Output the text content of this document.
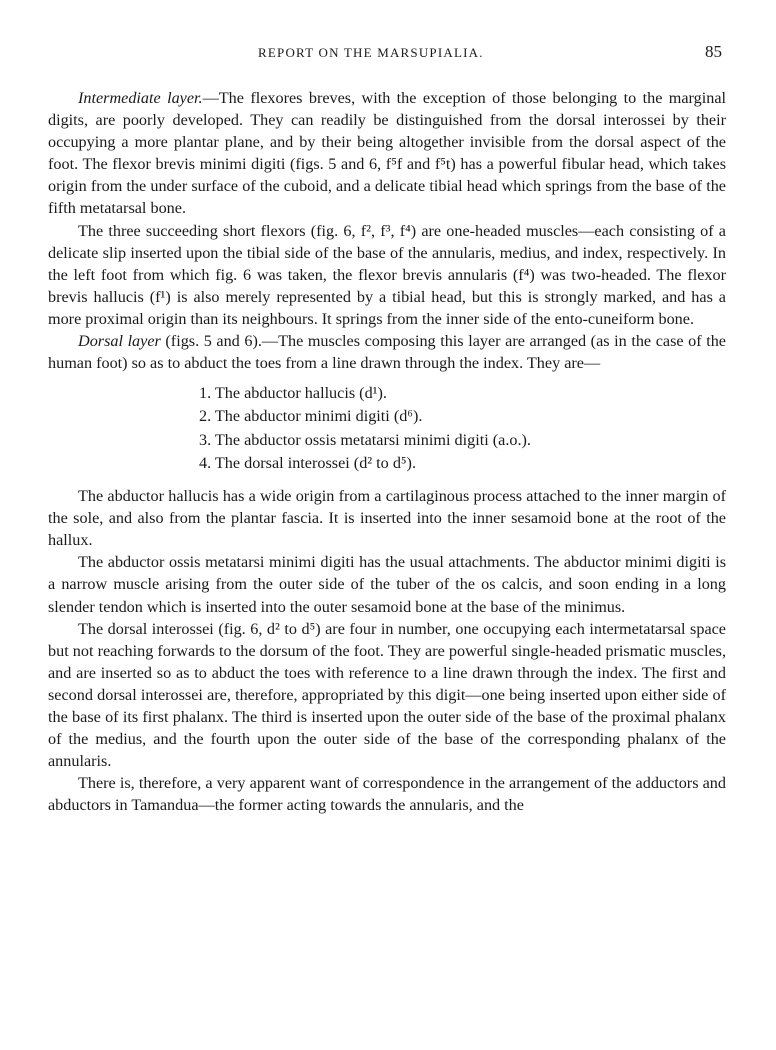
REPORT ON THE MARSUPIALIA.	85

Intermediate layer.—The flexores breves, with the exception of those belonging to the marginal digits, are poorly developed. They can readily be distinguished from the dorsal interossei by their occupying a more plantar plane, and by their being altogether invisible from the dorsal aspect of the foot. The flexor brevis minimi digiti (figs. 5 and 6, f⁵f and f⁵t) has a powerful fibular head, which takes origin from the under surface of the cuboid, and a delicate tibial head which springs from the base of the fifth metatarsal bone.

The three succeeding short flexors (fig. 6, f², f³, f⁴) are one-headed muscles—each consisting of a delicate slip inserted upon the tibial side of the base of the annularis, medius, and index, respectively. In the left foot from which fig. 6 was taken, the flexor brevis annularis (f⁴) was two-headed. The flexor brevis hallucis (f¹) is also merely represented by a tibial head, but this is strongly marked, and has a more proximal origin than its neighbours. It springs from the inner side of the ento-cuneiform bone.

Dorsal layer (figs. 5 and 6).—The muscles composing this layer are arranged (as in the case of the human foot) so as to abduct the toes from a line drawn through the index. They are—

1. The abductor hallucis (d¹).
2. The abductor minimi digiti (d⁶).
3. The abductor ossis metatarsi minimi digiti (a.o.).
4. The dorsal interossei (d² to d⁵).

The abductor hallucis has a wide origin from a cartilaginous process attached to the inner margin of the sole, and also from the plantar fascia. It is inserted into the inner sesamoid bone at the root of the hallux.

The abductor ossis metatarsi minimi digiti has the usual attachments. The abductor minimi digiti is a narrow muscle arising from the outer side of the tuber of the os calcis, and soon ending in a long slender tendon which is inserted into the outer sesamoid bone at the base of the minimus.

The dorsal interossei (fig. 6, d² to d⁵) are four in number, one occupying each intermetatarsal space but not reaching forwards to the dorsum of the foot. They are powerful single-headed prismatic muscles, and are inserted so as to abduct the toes with reference to a line drawn through the index. The first and second dorsal interossei are, therefore, appropriated by this digit—one being inserted upon either side of the base of its first phalanx. The third is inserted upon the outer side of the base of the proximal phalanx of the medius, and the fourth upon the outer side of the base of the corresponding phalanx of the annularis.

There is, therefore, a very apparent want of correspondence in the arrangement of the adductors and abductors in Tamandua—the former acting towards the annularis, and the
